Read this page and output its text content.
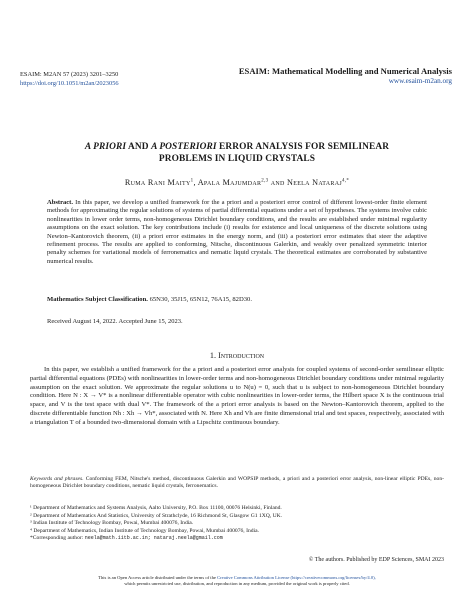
ESAIM: M2AN 57 (2023) 3201–3250
https://doi.org/10.1051/m2an/2023056
ESAIM: Mathematical Modelling and Numerical Analysis
www.esaim-m2an.org
A PRIORI AND A POSTERIORI ERROR ANALYSIS FOR SEMILINEAR
PROBLEMS IN LIQUID CRYSTALS
Ruma Rani Maity$^1$, Apala Majumdar$^{2,3}$ and Neela Nataraj$^{4,*}$
Abstract. In this paper, we develop a unified framework for the a priori and a posteriori error control of different lowest-order finite element methods for approximating the regular solutions of systems of partial differential equations under a set of hypotheses. The systems involve cubic nonlinearities in lower order terms, non-homogeneous Dirichlet boundary conditions, and the results are established under minimal regularity assumptions on the exact solution. The key contributions include (i) results for existence and local uniqueness of the discrete solutions using Newton–Kantorovich theorem, (ii) a priori error estimates in the energy norm, and (iii) a posteriori error estimates that steer the adaptive refinement process. The results are applied to conforming, Nitsche, discontinuous Galerkin, and weakly over penalized symmetric interior penalty schemes for variational models of ferronematics and nematic liquid crystals. The theoretical estimates are corroborated by substantive numerical results.
Mathematics Subject Classification. 65N30, 35J15, 65N12, 76A15, 82D30.
Received August 14, 2022. Accepted June 15, 2023.
1. Introduction

In this paper, we establish a unified framework for the a priori and a posteriori error analysis for coupled systems of second-order semilinear elliptic partial differential equations (PDEs) with nonlinearities in lower-order terms and non-homogeneous Dirichlet boundary conditions under minimal regularity assumption on the exact solution. We approximate the regular solutions u to N(u) = 0, such that u is subject to non-homogeneous Dirichlet boundary condition. Here N : X → V* is a nonlinear differentiable operator with cubic nonlinearities in lower-order terms, the Hilbert space X is the continuous trial space, and V is the test space with dual V*. The framework of the a priori error analysis is based on the Newton–Kantorovich theorem, applied to the discrete differentiable function Nh : Xh → Vh*, associated with N. Here Xh and Vh are finite dimensional trial and test spaces, respectively, associated with a triangulation T of a bounded two-dimensional domain with a Lipschitz continuous boundary.

Keywords and phrases. Conforming FEM, Nitsche's method, discontinuous Galerkin and WOPSIP methods, a priori and a posteriori error analysis, non-linear elliptic PDEs, non-homogeneous Dirichlet boundary conditions, nematic liquid crystals, ferronematics.
¹ Department of Mathematics and Systems Analysis, Aalto University, P.O. Box 11100, 00076 Helsinki, Finland.
² Department of Mathematics And Statistics, University of Strathclyde, 16 Richmond St, Glasgow G1 1XQ, UK.
³ Indian Institute of Technology Bombay, Powai, Mumbai 400076, India.
⁴ Department of Mathematics, Indian Institute of Technology Bombay, Powai, Mumbai 400076, India.
*Corresponding author: neela@math.iitb.ac.in; nataraj.neela@gmail.com
© The authors. Published by EDP Sciences, SMAI 2023
This is an Open Access article distributed under the terms of the Creative Commons Attribution License (https://creativecommons.org/licenses/by/4.0),
which permits unrestricted use, distribution, and reproduction in any medium, provided the original work is properly cited.
